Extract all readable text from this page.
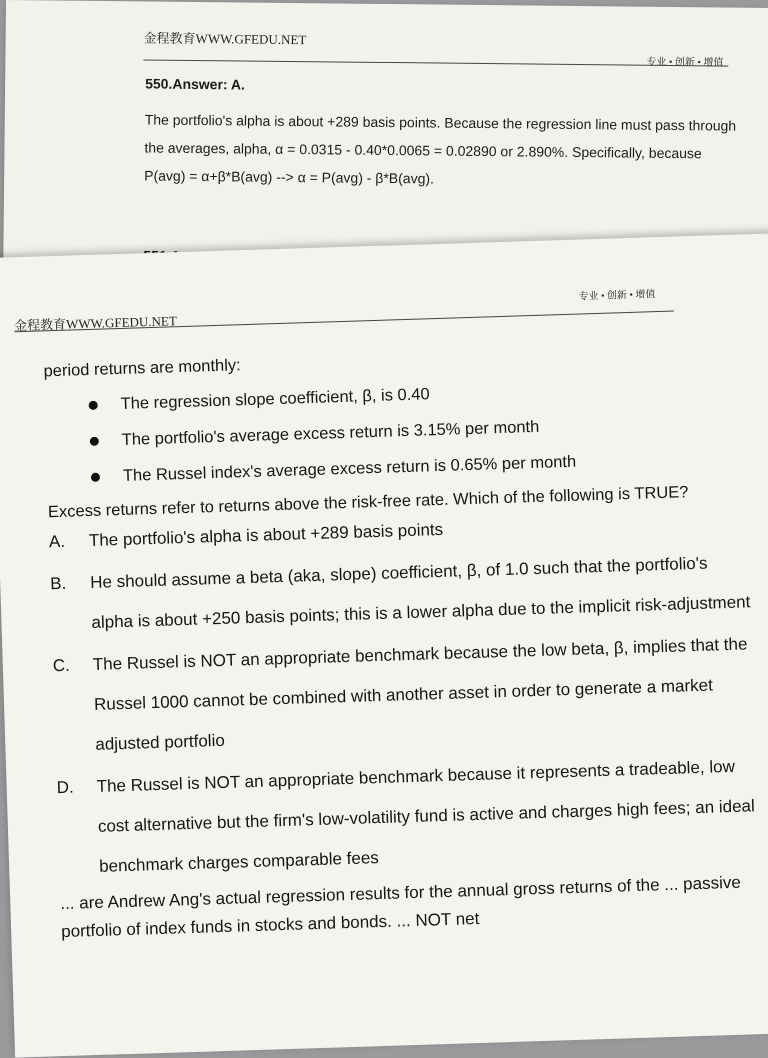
金程教育WWW.GFEDU.NET
专业 • 创新 • 增值

550.Answer: A.

The portfolio's alpha is about +289 basis points. Because the regression line must pass through the averages, alpha, α = 0.0315 - 0.40*0.0065 = 0.02890 or 2.890%. Specifically, because P(avg) = α+β*B(avg) --> α = P(avg) - β*B(avg).

金程教育WWW.GFEDU.NET
专业 • 创新 • 增值

period returns are monthly:

The regression slope coefficient, β, is 0.40
The portfolio's average excess return is 3.15% per month
The Russel index's average excess return is 0.65% per month

Excess returns refer to returns above the risk-free rate. Which of the following is TRUE?

A. The portfolio's alpha is about +289 basis points
B. He should assume a beta (aka, slope) coefficient, β, of 1.0 such that the portfolio's alpha is about +250 basis points; this is a lower alpha due to the implicit risk-adjustment
C. The Russel is NOT an appropriate benchmark because the low beta, β, implies that the Russel 1000 cannot be combined with another asset in order to generate a market adjusted portfolio
D. The Russel is NOT an appropriate benchmark because it represents a tradeable, low cost alternative but the firm's low-volatility fund is active and charges high fees; an ideal benchmark charges comparable fees

... are Andrew Ang's actual regression results for the annual gross returns of the ... passive portfolio of index funds in stocks and bonds. ... NOT net
